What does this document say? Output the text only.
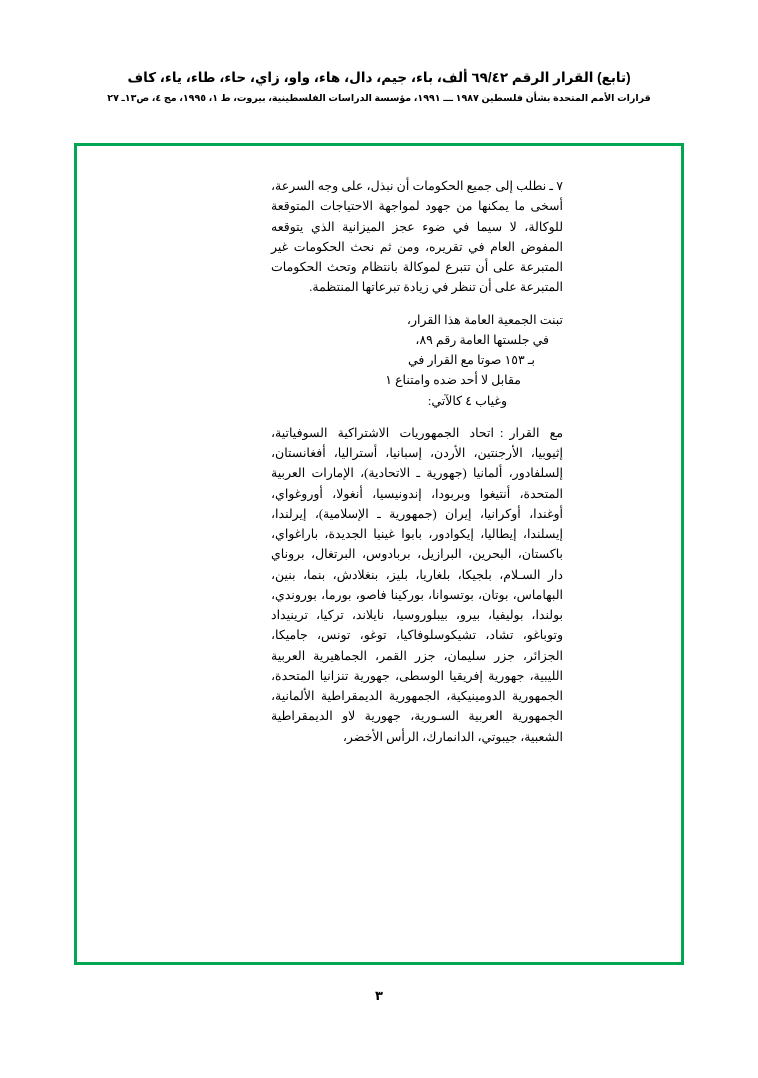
(تابع) القرار الرقم ٦٩/٤٢ ألف، باء، جيم، دال، هاء، واو، زاي، حاء، طاء، ياء، كاف
قرارات الأمم المتحدة بشأن فلسطين ١٩٨٧ ـــ ١٩٩١، مؤسسة الدراسات الفلسطينية، بيروت، ط ١، ١٩٩٥، مج ٤، ص١٣ـ ٢٧

٧ ـ نطلب إلى جميع الحكومات أن نبذل، على وجه السرعة، أسخى ما يمكنها من جهود لمواجهة الاحتياجات المتوقعة للوكالة، لا سيما في ضوء عجز الميزانية الذي يتوقعه المفوض العام في تقريره، ومن ثم نحث الحكومات غير المتبرعة على أن تتبرع لموكالة بانتظام وتحث الحكومات المتبرعة على أن تنظر في زيادة تبرعاتها المنتظمة.

تبنت الجمعية العامة هذا القرار،

في جلستها العامة رقم ٨٩،

بـ ١٥٣ صوتا مع القرار في

مقابل لا أحد ضده وامتناع ١

وغياب ٤ كالآتي:

مع القرار:اتحاد الجمهوريات الاشتراكية السوفياتية، إثيوبيا، الأرجنتين، الأردن، إسبانيا، أستراليا، أفغانستان، إلسلفادور، ألمانيا (جهورية ـ الاتحادية)، الإمارات العربية المتحدة، أنتيغوا وبربودا، إندونيسيا، أنغولا، أوروغواي، أوغندا، أوكرانيا، إيران (جمهورية ـ الإسلامية)، إيرلندا، إيسلندا، إيطاليا، إيكوادور، بابوا غينيا الجديدة، باراغواي، باكستان، البحرين، البرازيل، بربادوس، البرتغال، بروناي دار السـلام، بلجيكا، بلغاريا، بليز، بنغلادش، بنما، بنين، البهاماس، بوتان، بوتسوانا، بوركينا فاصو، بورما، بوروندي، بولندا، بوليفيا، بيرو، بيبلوروسيا، نايلاند، تركيا، ترينيداد وتوباغو، تشاد، تشيكوسلوفاكيا، توغو، تونس، جاميكا، الجزائر، جزر سليمان، جزر القمر، الجماهيرية العربية الليبية، جهورية إفريقيا الوسطى، جهورية تنزانيا المتحدة، الجمهورية الدومينيكية، الجمهورية الديمقراطية الألمانية، الجمهورية العربية السـورية، جهورية لاو الديمقراطية الشعبية، جيبوتي، الدانمارك، الرأس الأخضر،
٣
